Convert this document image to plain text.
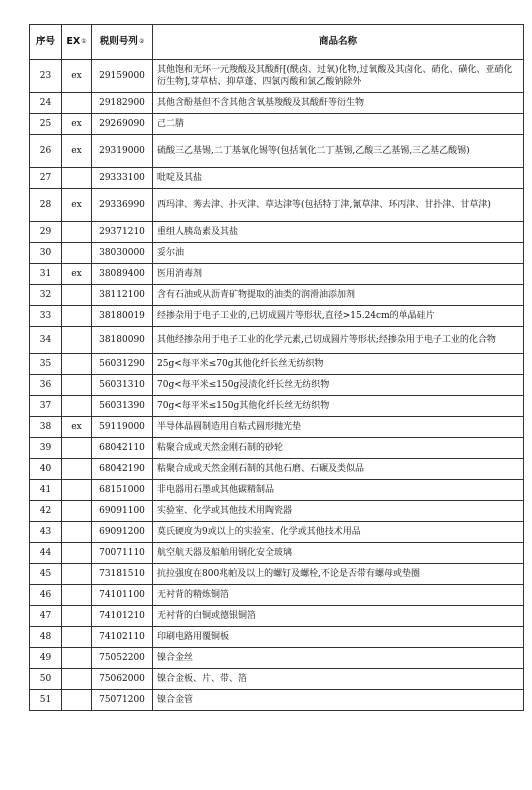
序号	EX①	税则号列②	商品名称
23	ex	29159000	其他饱和无环一元羧酸及其酸酐[(酰卤、过氧)化物,过氧酸及其卤化、硝化、磺化、亚硝化衍生物],芽草枯、抑草蓬、四氯丙酸和氯乙酸钠除外
24		29182900	其他含酚基但不含其他含氧基羧酸及其酸酐等衍生物
25	ex	29269090	己二腈
26	ex	29319000	硫酸三乙基锡,二丁基氧化锡等(包括氧化二丁基锡,乙酸三乙基锡,三乙基乙酸锡)
27		29333100	吡啶及其盐
28	ex	29336990	西玛津、莠去津、扑灭津、草达津等(包括特丁津,氰草津、环丙津、甘扑津、甘草津)
29		29371210	重组人胰岛素及其盐
30		38030000	妥尔油
31	ex	38089400	医用消毒剂
32		38112100	含有石油或从沥青矿物提取的油类的润滑油添加剂
33		38180019	经掺杂用于电子工业的,已切成圆片等形状,直径>15.24cm的单晶硅片
34		38180090	其他经掺杂用于电子工业的化学元素,已切成圆片等形状;经掺杂用于电子工业的化合物
35		56031290	25g<每平米≤70g其他化纤长丝无纺织物
36		56031310	70g<每平米≤150g浸渍化纤长丝无纺织物
37		56031390	70g<每平米≤150g其他化纤长丝无纺织物
38	ex	59119000	半导体晶圆制造用自粘式圆形抛光垫
39		68042110	粘聚合成或天然金刚石制的砂轮
40		68042190	粘聚合成或天然金刚石制的其他石磨、石碾及类似品
41		68151000	非电器用石墨或其他碳精制品
42		69091100	实验室、化学或其他技术用陶瓷器
43		69091200	莫氏硬度为9或以上的实验室、化学或其他技术用品
44		70071110	航空航天器及船舶用钢化安全玻璃
45		73181510	抗拉强度在800兆帕及以上的螺钉及螺栓,不论是否带有螺母或垫圈
46		74101100	无衬背的精炼铜箔
47		74101210	无衬背的白铜或德银铜箔
48		74102110	印刷电路用覆铜板
49		75052200	镍合金丝
50		75062000	镍合金板、片、带、箔
51		75071200	镍合金管
